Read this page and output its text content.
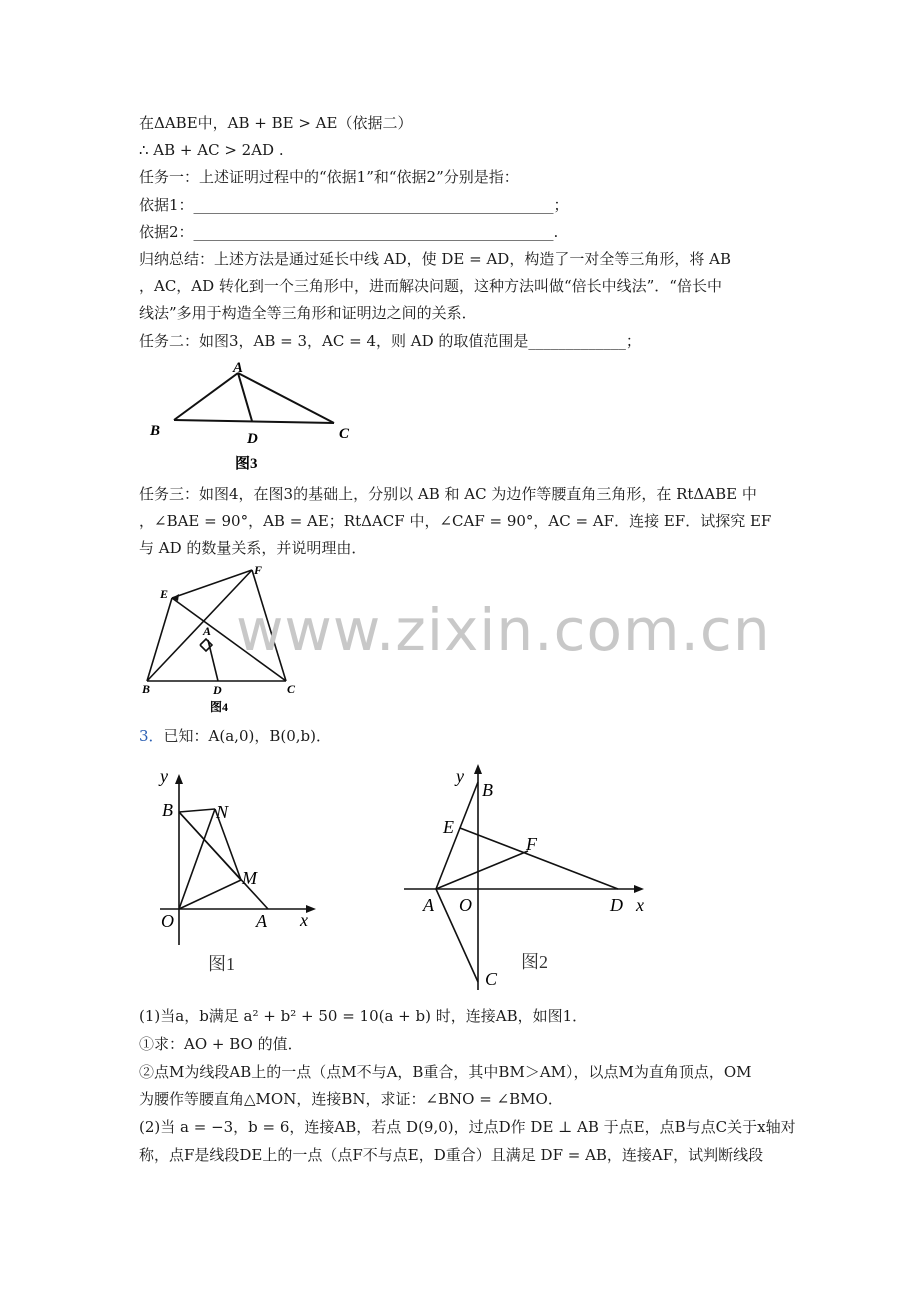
在ΔABE中，AB + BE > AE（依据二）
∴ AB + AC > 2AD .
任务一：上述证明过程中的“依据1”和“依据2”分别是指：
依据1：________________________________________________；
依据2：________________________________________________.
归纳总结：上述方法是通过延长中线 AD，使 DE = AD，构造了一对全等三角形，将 AB
，AC，AD 转化到一个三角形中，进而解决问题，这种方法叫做“倍长中线法”．“倍长中
线法”多用于构造全等三角形和证明边之间的关系．
任务二：如图3，AB = 3，AC = 4，则 AD 的取值范围是_____________；
A
B	C
D
图3
任务三：如图4，在图3的基础上，分别以 AB 和 AC 为边作等腰直角三角形，在 RtΔABE 中
，∠BAE = 90°，AB = AE；RtΔACF 中，∠CAF = 90°，AC = AF．连接 EF．试探究 EF
与 AD 的数量关系，并说明理由．
E
F
A
B	C
D
图4
3．已知：A(a,0)，B(0,b)．
y
x
B N
M
O	A
图1
y
x
B
E
F
A O	D
C
图2
(1)当a，b满足 a² + b² + 50 = 10(a + b) 时，连接AB，如图1．
①求：AO + BO 的值．
②点M为线段AB上的一点（点M不与A，B重合，其中BM＞AM），以点M为直角顶点，OM
为腰作等腰直角△MON，连接BN，求证：∠BNO = ∠BMO．
(2)当 a = −3，b = 6，连接AB，若点 D(9,0)，过点D作 DE ⊥ AB 于点E，点B与点C关于x轴对
称，点F是线段DE上的一点（点F不与点E，D重合）且满足 DF = AB，连接AF，试判断线段
www.zixin.com.cn
